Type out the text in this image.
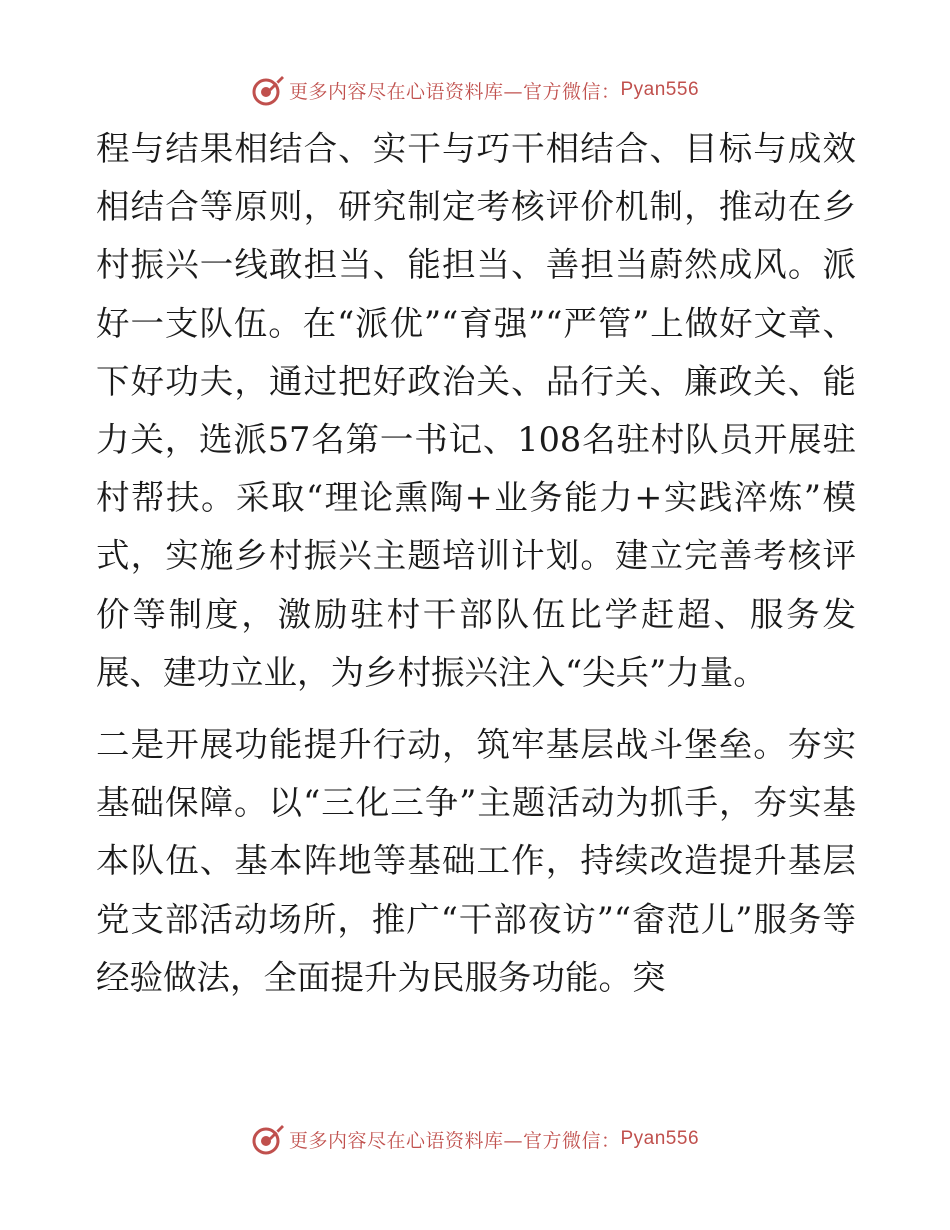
更多内容尽在心语资料库—官方微信： Pyan556

程与结果相结合、实干与巧干相结合、目标与成效相结合等原则，研究制定考核评价机制，推动在乡村振兴一线敢担当、能担当、善担当蔚然成风。派好一支队伍。在“派优”“育强”“严管”上做好文章、下好功夫，通过把好政治关、品行关、廉政关、能力关，选派57名第一书记、108名驻村队员开展驻村帮扶。采取“理论熏陶+业务能力+实践淬炼”模式，实施乡村振兴主题培训计划。建立完善考核评价等制度，激励驻村干部队伍比学赶超、服务发展、建功立业，为乡村振兴注入“尖兵”力量。

二是开展功能提升行动，筑牢基层战斗堡垒。夯实基础保障。以“三化三争”主题活动为抓手，夯实基本队伍、基本阵地等基础工作，持续改造提升基层党支部活动场所，推广“干部夜访”“畲范儿”服务等经验做法，全面提升为民服务功能。突

更多内容尽在心语资料库—官方微信： Pyan556
